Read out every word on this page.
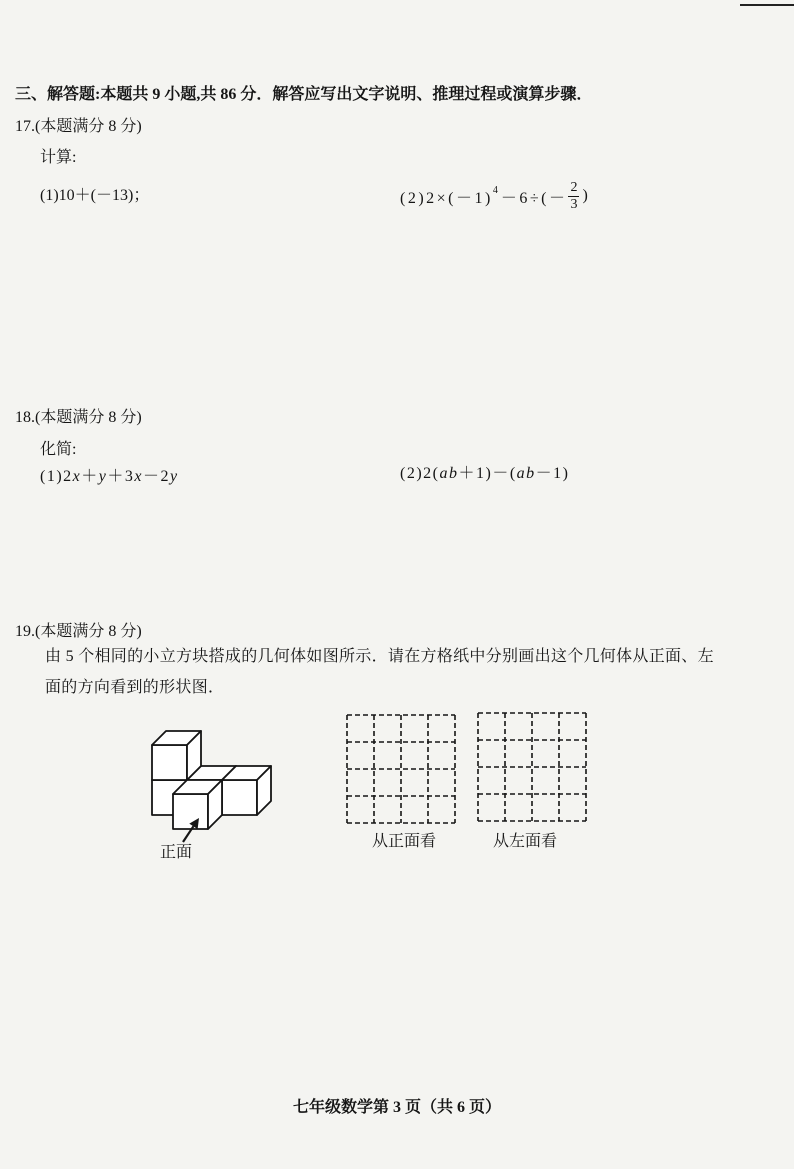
三、解答题:本题共 9 小题,共 86 分．解答应写出文字说明、推理过程或演算步骤．
17.(本题满分 8 分)
计算:
(1)10＋(－13)；	(2)2×(－1) $4 -6\div(- \frac{2}{3}$ )
18.(本题满分 8 分)
化简:
(1)2x＋y＋3x－2y	(2)2(ab＋1)－(ab－1)
19.(本题满分 8 分)
由 5 个相同的小立方块搭成的几何体如图所示．请在方格纸中分别画出这个几何体从正面、左
面的方向看到的形状图．
正面
从正面看	从左面看
七年级数学第 3 页（共 6 页）
